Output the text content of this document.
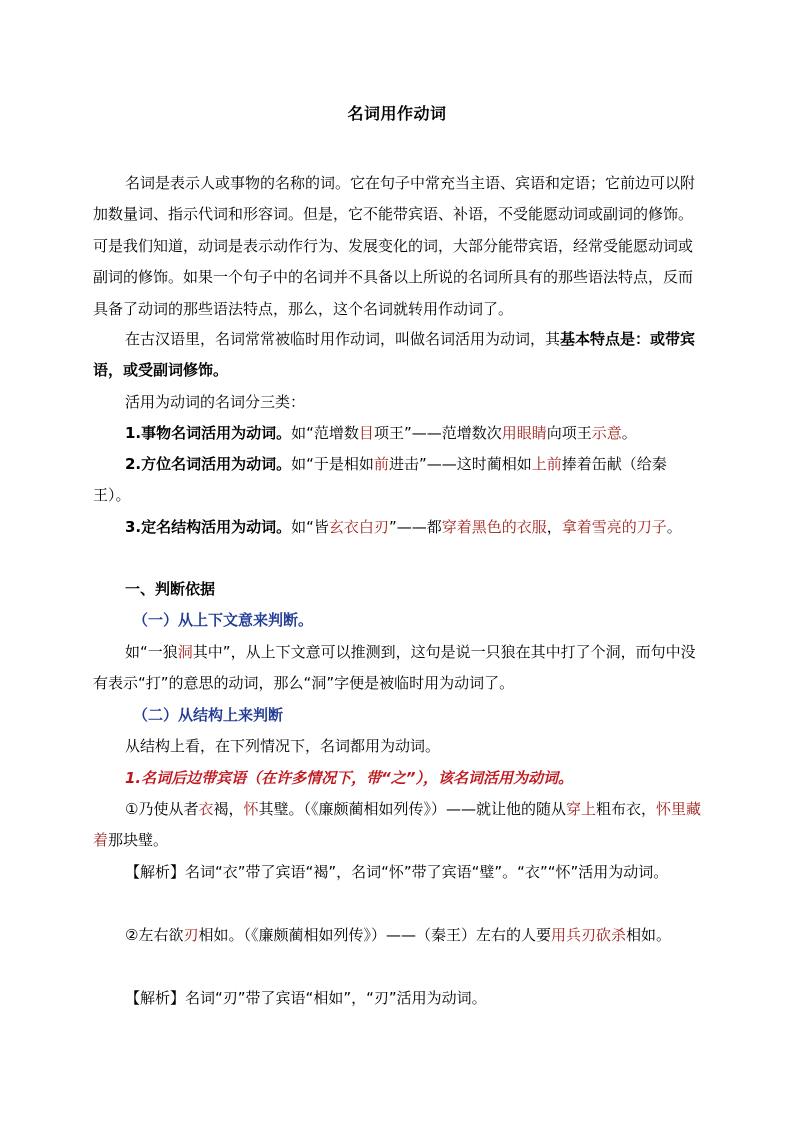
名词用作动词

名词是表示人或事物的名称的词。它在句子中常充当主语、宾语和定语；它前边可以附加数量词、指示代词和形容词。但是，它不能带宾语、补语，不受能愿动词或副词的修饰。可是我们知道，动词是表示动作行为、发展变化的词，大部分能带宾语，经常受能愿动词或副词的修饰。如果一个句子中的名词并不具备以上所说的名词所具有的那些语法特点，反而具备了动词的那些语法特点，那么，这个名词就转用作动词了。

在古汉语里，名词常常被临时用作动词，叫做名词活用为动词，其基本特点是：或带宾语，或受副词修饰。

活用为动词的名词分三类：
1.事物名词活用为动词。如“范增数目项王”——范增数次用眼睛向项王示意。

2.方位名词活用为动词。如“于是相如前进击”——这时蔺相如上前捧着缶献（给秦王）。

3.定名结构活用为动词。如“皆玄衣白刃”——都穿着黑色的衣服，拿着雪亮的刀子。

一、判断依据
（一）从上下文意来判断。

如“一狼洞其中”，从上下文意可以推测到，这句是说一只狼在其中打了个洞，而句中没有表示“打”的意思的动词，那么“洞”字便是被临时用为动词了。

（二）从结构上来判断
从结构上看，在下列情况下，名词都用为动词。
1.名词后边带宾语（在许多情况下，带“之”），该名词活用为动词。

①乃使从者衣褐，怀其璧。（《廉颇蔺相如列传》）——就让他的随从穿上粗布衣，怀里藏着那块璧。

【解析】名词“衣”带了宾语“褐”，名词“怀”带了宾语“璧”。“衣”“怀”活用为动词。

②左右欲刃相如。（《廉颇蔺相如列传》）——（秦王）左右的人要用兵刃砍杀相如。

【解析】名词“刃”带了宾语“相如”，“刃”活用为动词。
